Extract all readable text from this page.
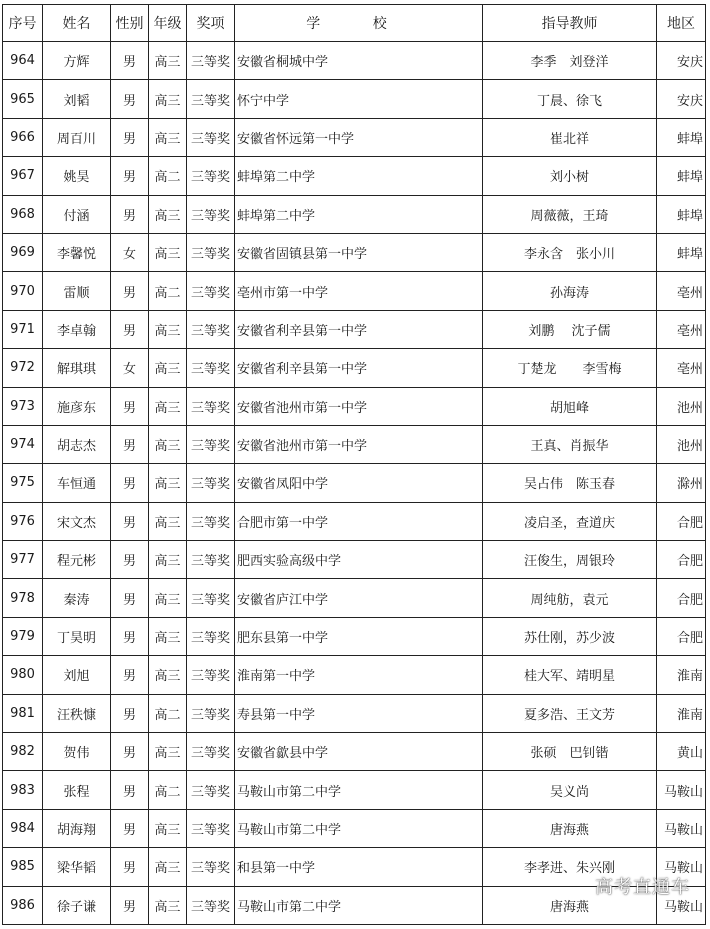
序号	姓名	性别	年级	奖项	学 校	指导教师	地区
964	方辉	男	高三	三等奖	安徽省桐城中学	李季　刘登洋	安庆
965	刘韬	男	高三	三等奖	怀宁中学	丁晨、徐飞	安庆
966	周百川	男	高三	三等奖	安徽省怀远第一中学	崔北祥	蚌埠
967	姚昊	男	高二	三等奖	蚌埠第二中学	刘小树	蚌埠
968	付涵	男	高三	三等奖	蚌埠第二中学	周薇薇，王琦	蚌埠
969	李馨悦	女	高三	三等奖	安徽省固镇县第一中学	李永含　张小川	蚌埠
970	雷顺	男	高二	三等奖	亳州市第一中学	孙海涛	亳州
971	李卓翰	男	高三	三等奖	安徽省利辛县第一中学	刘鹏　 沈子儒	亳州
972	解琪琪	女	高三	三等奖	安徽省利辛县第一中学	丁楚龙　　李雪梅	亳州
973	施彦东	男	高三	三等奖	安徽省池州市第一中学	胡旭峰	池州
974	胡志杰	男	高三	三等奖	安徽省池州市第一中学	王真、肖振华	池州
975	车恒通	男	高三	三等奖	安徽省凤阳中学	吴占伟　陈玉春	滁州
976	宋文杰	男	高三	三等奖	合肥市第一中学	凌启圣，查道庆	合肥
977	程元彬	男	高三	三等奖	肥西实验高级中学	汪俊生，周银玲	合肥
978	秦涛	男	高三	三等奖	安徽省庐江中学	周纯舫，袁元	合肥
979	丁昊明	男	高三	三等奖	肥东县第一中学	苏仕刚，苏少波	合肥
980	刘旭	男	高三	三等奖	淮南第一中学	桂大军、靖明星	淮南
981	汪秩慷	男	高二	三等奖	寿县第一中学	夏多浩、王文芳	淮南
982	贺伟	男	高三	三等奖	安徽省歙县中学	张硕　巴钊锴	黄山
983	张程	男	高二	三等奖	马鞍山市第二中学	吴义尚	马鞍山
984	胡海翔	男	高三	三等奖	马鞍山市第二中学	唐海燕	马鞍山
985	梁华韬	男	高三	三等奖	和县第一中学	李孝进、朱兴刚	马鞍山
986	徐子谦	男	高三	三等奖	马鞍山市第二中学	唐海燕	马鞍山
高考直通车
